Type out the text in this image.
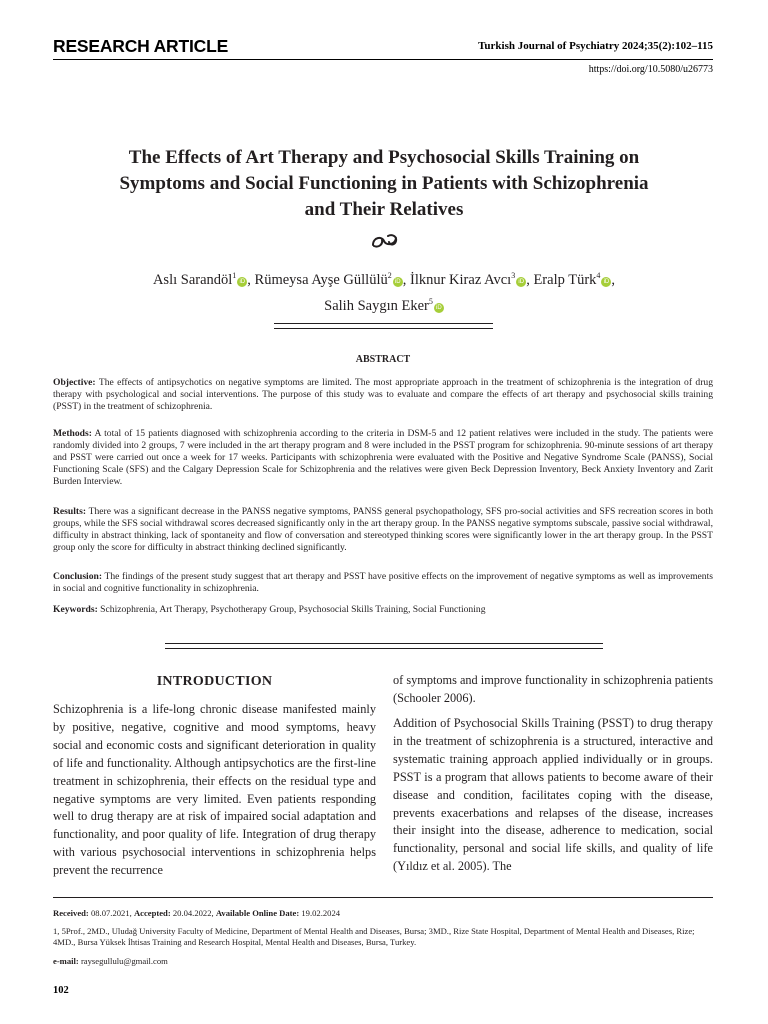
RESEARCH ARTICLE	Turkish Journal of Psychiatry 2024;35(2):102–115
https://doi.org/10.5080/u26773
The Effects of Art Therapy and Psychosocial Skills Training on
Symptoms and Social Functioning in Patients with Schizophrenia
and Their Relatives
Aslı Sarandöl$^1$iD , Rümeysa Ayşe Güllülü$^2$iD , İlknur Kiraz Avcı$^3$iD , Eralp Türk$^4$iD ,
Salih Saygın Eker$^5$iD
ABSTRACT

Objective: The effects of antipsychotics on negative symptoms are limited. The most appropriate approach in the treatment of schizophrenia is the integration of drug therapy with psychological and social interventions. The purpose of this study was to evaluate and compare the effects of art therapy and psychosocial skills training (PSST) in the treatment of schizophrenia.

Methods: A total of 15 patients diagnosed with schizophrenia according to the criteria in DSM-5 and 12 patient relatives were included in the study. The patients were randomly divided into 2 groups, 7 were included in the art therapy program and 8 were included in the PSST program for schizophrenia. 90-minute sessions of art therapy and PSST were carried out once a week for 17 weeks. Participants with schizophrenia were evaluated with the Positive and Negative Syndrome Scale (PANSS), Social Functioning Scale (SFS) and the Calgary Depression Scale for Schizophrenia and the relatives were given Beck Depression Inventory, Beck Anxiety Inventory and Zarit Burden Interview.

Results: There was a significant decrease in the PANSS negative symptoms, PANSS general psychopathology, SFS pro-social activities and SFS recreation scores in both groups, while the SFS social withdrawal scores decreased significantly only in the art therapy group. In the PANSS negative symptoms subscale, passive social withdrawal, difficulty in abstract thinking, lack of spontaneity and flow of conversation and stereotyped thinking scores were significantly lower in the art therapy group. In the PSST group only the score for difficulty in abstract thinking declined significantly.

Conclusion: The findings of the present study suggest that art therapy and PSST have positive effects on the improvement of negative symptoms as well as improvements in social and cognitive functionality in schizophrenia.

Keywords: Schizophrenia, Art Therapy, Psychotherapy Group, Psychosocial Skills Training, Social Functioning

INTRODUCTION

Schizophrenia is a life-long chronic disease manifested mainly by positive, negative, cognitive and mood symptoms, heavy social and economic costs and significant deterioration in quality of life and functionality. Although antipsychotics are the first-line treatment in schizophrenia, their effects on the residual type and negative symptoms are very limited. Even patients responding well to drug therapy are at risk of impaired social adaptation and functionality, and poor quality of life. Integration of drug therapy with various psychosocial interventions in schizophrenia helps prevent the recurrence

of symptoms and improve functionality in schizophrenia patients (Schooler 2006).

Addition of Psychosocial Skills Training (PSST) to drug therapy in the treatment of schizophrenia is a structured, interactive and systematic training approach applied individually or in groups. PSST is a program that allows patients to become aware of their disease and condition, facilitates coping with the disease, prevents exacerbations and relapses of the disease, increases their insight into the disease, adherence to medication, social functionality, personal and social life skills, and quality of life (Yıldız et al. 2005). The

Received: 08.07.2021, Accepted: 20.04.2022, Available Online Date: 19.02.2024

1, 5Prof., 2MD., Uludağ University Faculty of Medicine, Department of Mental Health and Diseases, Bursa; 3MD., Rize State Hospital, Department of Mental Health and Diseases, Rize; 4MD., Bursa Yüksek İhtisas Training and Research Hospital, Mental Health and Diseases, Bursa, Turkey.

e-mail: raysegullulu@gmail.com

102
